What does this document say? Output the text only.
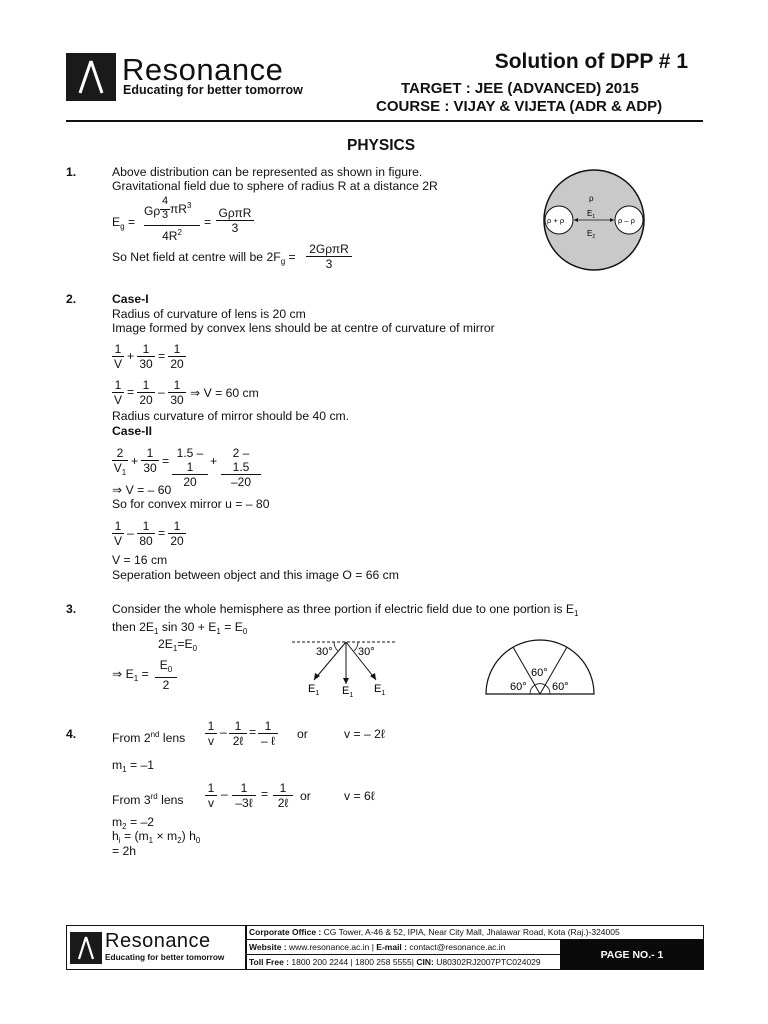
Resonance
Educating for better tomorrow
Solution of DPP # 1
TARGET : JEE (ADVANCED) 2015
COURSE : VIJAY & VIJETA (ADR & ADP)
PHYSICS
1.	Above distribution can be represented as shown in figure.
Gravitational field due to sphere of radius R at a distance 2R
$E_g$ =
Gρ
4
3 $\pi R^3$
$4R^2$
=
GρπR
3
So Net field at centre will be $2F_g$ =
2GρπR
3
ρ
ρ + ρ	ρ – ρ
$E_1$
$E_2$
2.	Case-I
Radius of curvature of lens is 20 cm
Image formed by convex lens should be at centre of curvature of mirror
$\frac{1}{V} + \frac{1}{30} = \frac{1}{20}$
$\frac{1}{V} = \frac{1}{20} - \frac{1}{30}$ ⇒ V = 60 cm
Radius curvature of mirror should be 40 cm.
Case-II
$\frac{2}{V_1} + \frac{1}{30} = \frac{1.5 - 1}{20} + \frac{2 - 1.5}{-20}$
⇒ V = – 60
So for convex mirror u = – 80
$\frac{1}{V} - \frac{1}{80} = \frac{1}{20}$
V = 16 cm
Seperation between object and this image O = 66 cm
3.	Consider the whole hemisphere as three portion if electric field due to one portion is $E_1$
then $2E_1$ $\sin 30 + E_1 = E_0$
$2E_1=E_0$
⇒ $E_1 = \frac{E_0}{2}$
30° 30°
$E_1$ $E_1$
$E_1$
60°
60° 60°
4.	From 2nd lens $\frac{1}{v} - 1$
2ℓ
= 1
– ℓ or	v = – 2ℓ
$m_1 = -1$
From 3rd lens $\frac{1}{v}$ –	1
–3ℓ
= 1
2ℓ or	v = 6ℓ
$m_2 = -2$
$h_i = (m_1 \times m_2)$ $h_0$
= 2h
Resonance
Educating for better tomorrow
Corporate Office : CG Tower, A-46 & 52, IPIA, Near City Mall, Jhalawar Road, Kota (Raj.)-324005
Website : www.resonance.ac.in | E-mail : contact@resonance.ac.in
Toll Free : 1800 200 2244 | 1800 258 5555| CIN: U80302RJ2007PTC024029
PAGE NO.- 1
